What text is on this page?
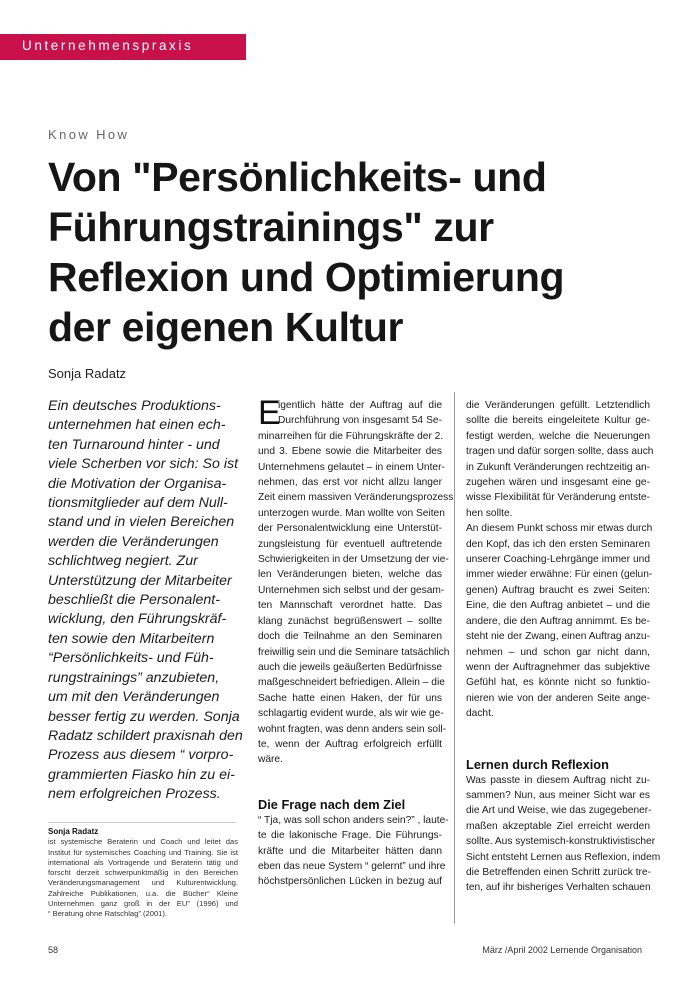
Unternehmenspraxis
Know How
Von "Persönlichkeits- und
Führungstrainings" zur
Reflexion und Optimierung
der eigenen Kultur
Sonja Radatz
Ein deutsches Produktions-
unternehmen hat einen ech-
ten Turnaround hinter - und
viele Scherben vor sich: So ist
die Motivation der Organisa-
tionsmitglieder auf dem Null-
stand und in vielen Bereichen
werden die Veränderungen
schlichtweg negiert. Zur
Unterstützung der Mitarbeiter
beschließt die Personalent-
wicklung, den Führungskräf-
ten sowie den Mitarbeitern
“Persönlichkeits- und Füh-
rungstrainings” anzubieten,
um mit den Veränderungen
besser fertig zu werden. Sonja
Radatz schildert praxisnah den
Prozess aus diesem “ vorpro-
grammierten Fiasko hin zu ei-
nem erfolgreichen Prozess.
Sonja Radatz
ist systemische Beraterin und Coach und leitet das
Institut für systemisches Coaching und Training. Sie ist
international als Vortragende und Beraterin tätig und
forscht derzeit schwerpunktmäßig in den Bereichen
Veränderungsmanagement und Kulturentwicklung.
Zahlreiche Publikationen, u.a. die Bücher“ Kleine
Unternehmen ganz groß in der EU” (1996) und
“ Beratung ohne Ratschlag” (2001).
E
igentlich hätte der Auftrag auf die
Durchführung von insgesamt 54 Se-
minarreihen für die Führungskräfte der 2.
und 3. Ebene sowie die Mitarbeiter des
Unternehmens gelautet – in einem Unter-
nehmen, das erst vor nicht allzu langer
Zeit einem massiven Veränderungsprozess
unterzogen wurde. Man wollte von Seiten
der Personalentwicklung eine Unterstüt-
zungsleistung für eventuell auftretende
Schwierigkeiten in der Umsetzung der vie-
len Veränderungen bieten, welche das
Unternehmen sich selbst und der gesam-
ten Mannschaft verordnet hatte. Das
klang zunächst begrüßenswert – sollte
doch die Teilnahme an den Seminaren
freiwillig sein und die Seminare tatsächlich
auch die jeweils geäußerten Bedürfnisse
maßgeschneidert befriedigen. Allein – die
Sache hatte einen Haken, der für uns
schlagartig evident wurde, als wir wie ge-
wohnt fragten, was denn anders sein soll-
te, wenn der Auftrag erfolgreich erfüllt
wäre.
Die Frage nach dem Ziel
“ Tja, was soll schon anders sein?” , laute-
te die lakonische Frage. Die Führungs-
kräfte und die Mitarbeiter hätten dann
eben das neue System “ gelernt” und ihre
höchstpersönlichen Lücken in bezug auf
die Veränderungen gefüllt. Letztendlich
sollte die bereits eingeleitete Kultur ge-
festigt werden, welche die Neuerungen
tragen und dafür sorgen sollte, dass auch
in Zukunft Veränderungen rechtzeitig an-
zugehen wären und insgesamt eine ge-
wisse Flexibilität für Veränderung entste-
hen sollte.
An diesem Punkt schoss mir etwas durch
den Kopf, das ich den ersten Seminaren
unserer Coaching-Lehrgänge immer und
immer wieder erwähne: Für einen (gelun-
genen) Auftrag braucht es zwei Seiten:
Eine, die den Auftrag anbietet – und die
andere, die den Auftrag annimmt. Es be-
steht nie der Zwang, einen Auftrag anzu-
nehmen – und schon gar nicht dann,
wenn der Auftragnehmer das subjektive
Gefühl hat, es könnte nicht so funktio-
nieren wie von der anderen Seite ange-
dacht.
Lernen durch Reflexion
Was passte in diesem Auftrag nicht zu-
sammen? Nun, aus meiner Sicht war es
die Art und Weise, wie das zugegebener-
maßen akzeptable Ziel erreicht werden
sollte. Aus systemisch-konstruktivistischer
Sicht entsteht Lernen aus Reflexion, indem
die Betreffenden einen Schritt zurück tre-
ten, auf ihr bisheriges Verhalten schauen
58	März /April 2002 Lernende Organisation
